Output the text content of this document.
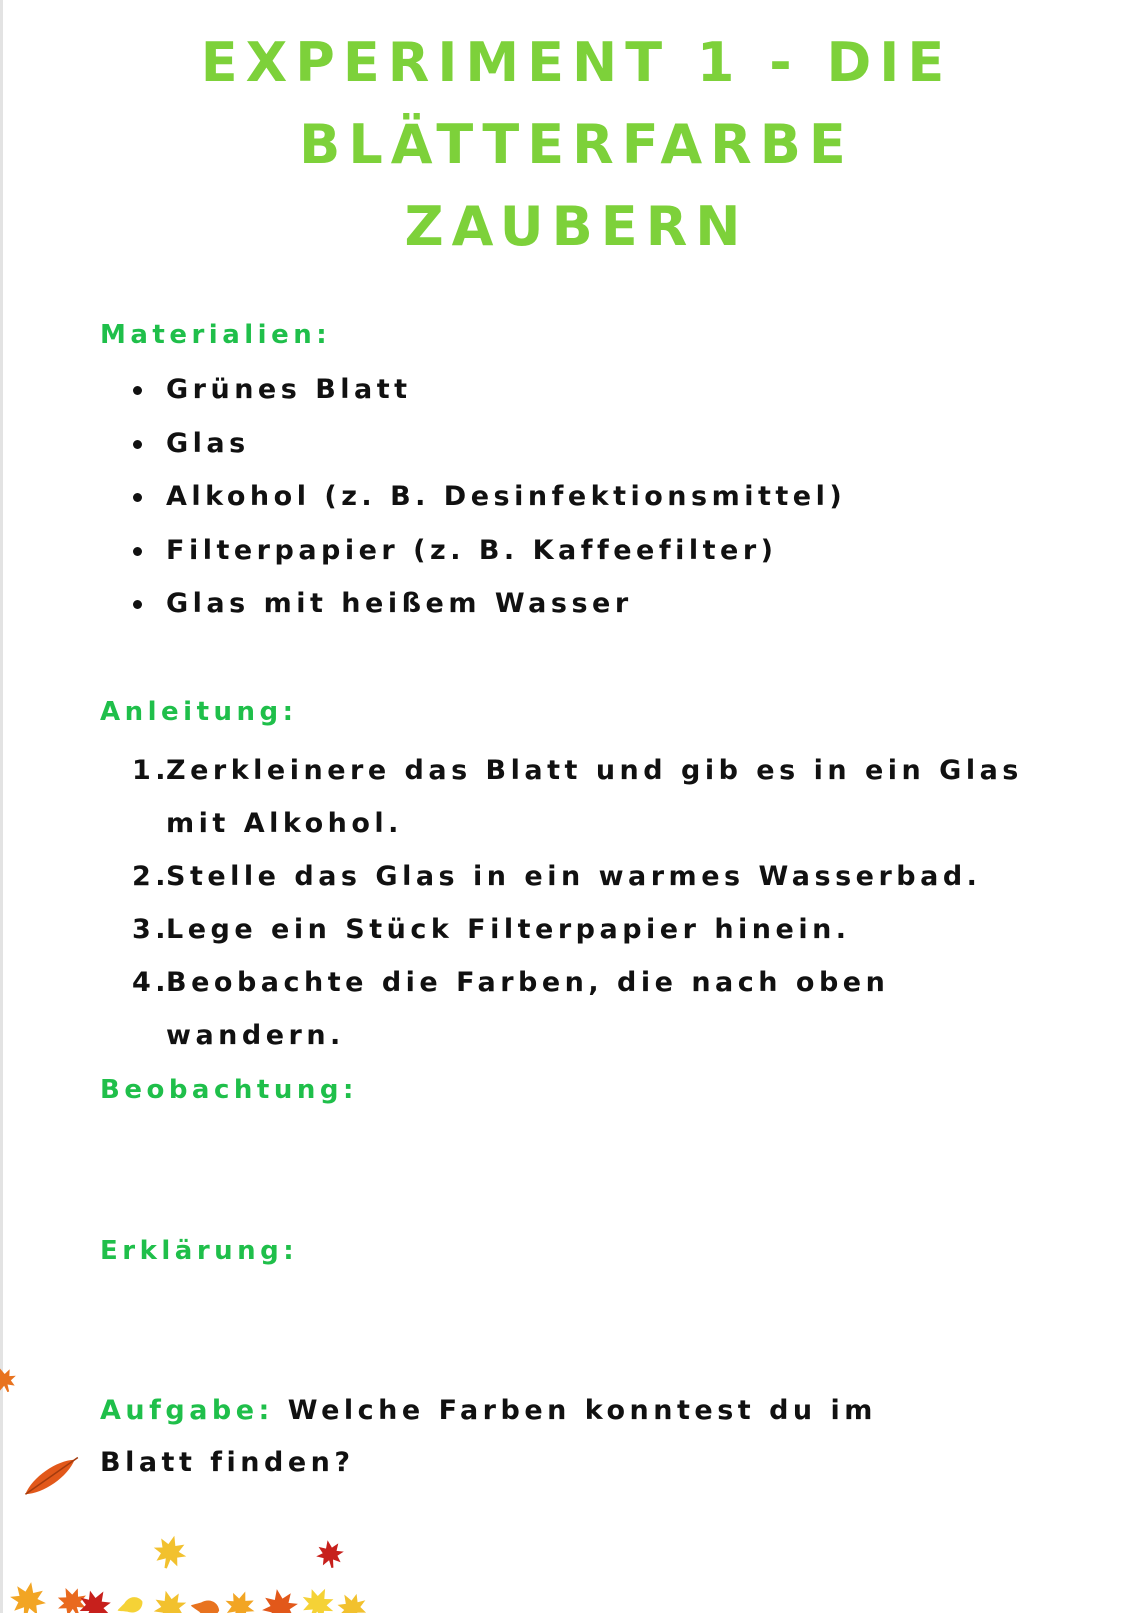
EXPERIMENT 1 - DIE BLÄTTERFARBE
ZAUBERN
Materialien:
Grünes Blatt
Glas
Alkohol (z. B. Desinfektionsmittel)
Filterpapier (z. B. Kaffeefilter)
Glas mit heißem Wasser
Anleitung:
1.
Zerkleinere das Blatt und gib es in ein Glas mit Alkohol.
2.
Stelle das Glas in ein warmes Wasserbad.
3.
Lege ein Stück Filterpapier hinein.
4.
Beobachte die Farben, die nach oben wandern.
Beobachtung:
Erklärung:

Aufgabe: Welche Farben konntest du im Blatt finden?
